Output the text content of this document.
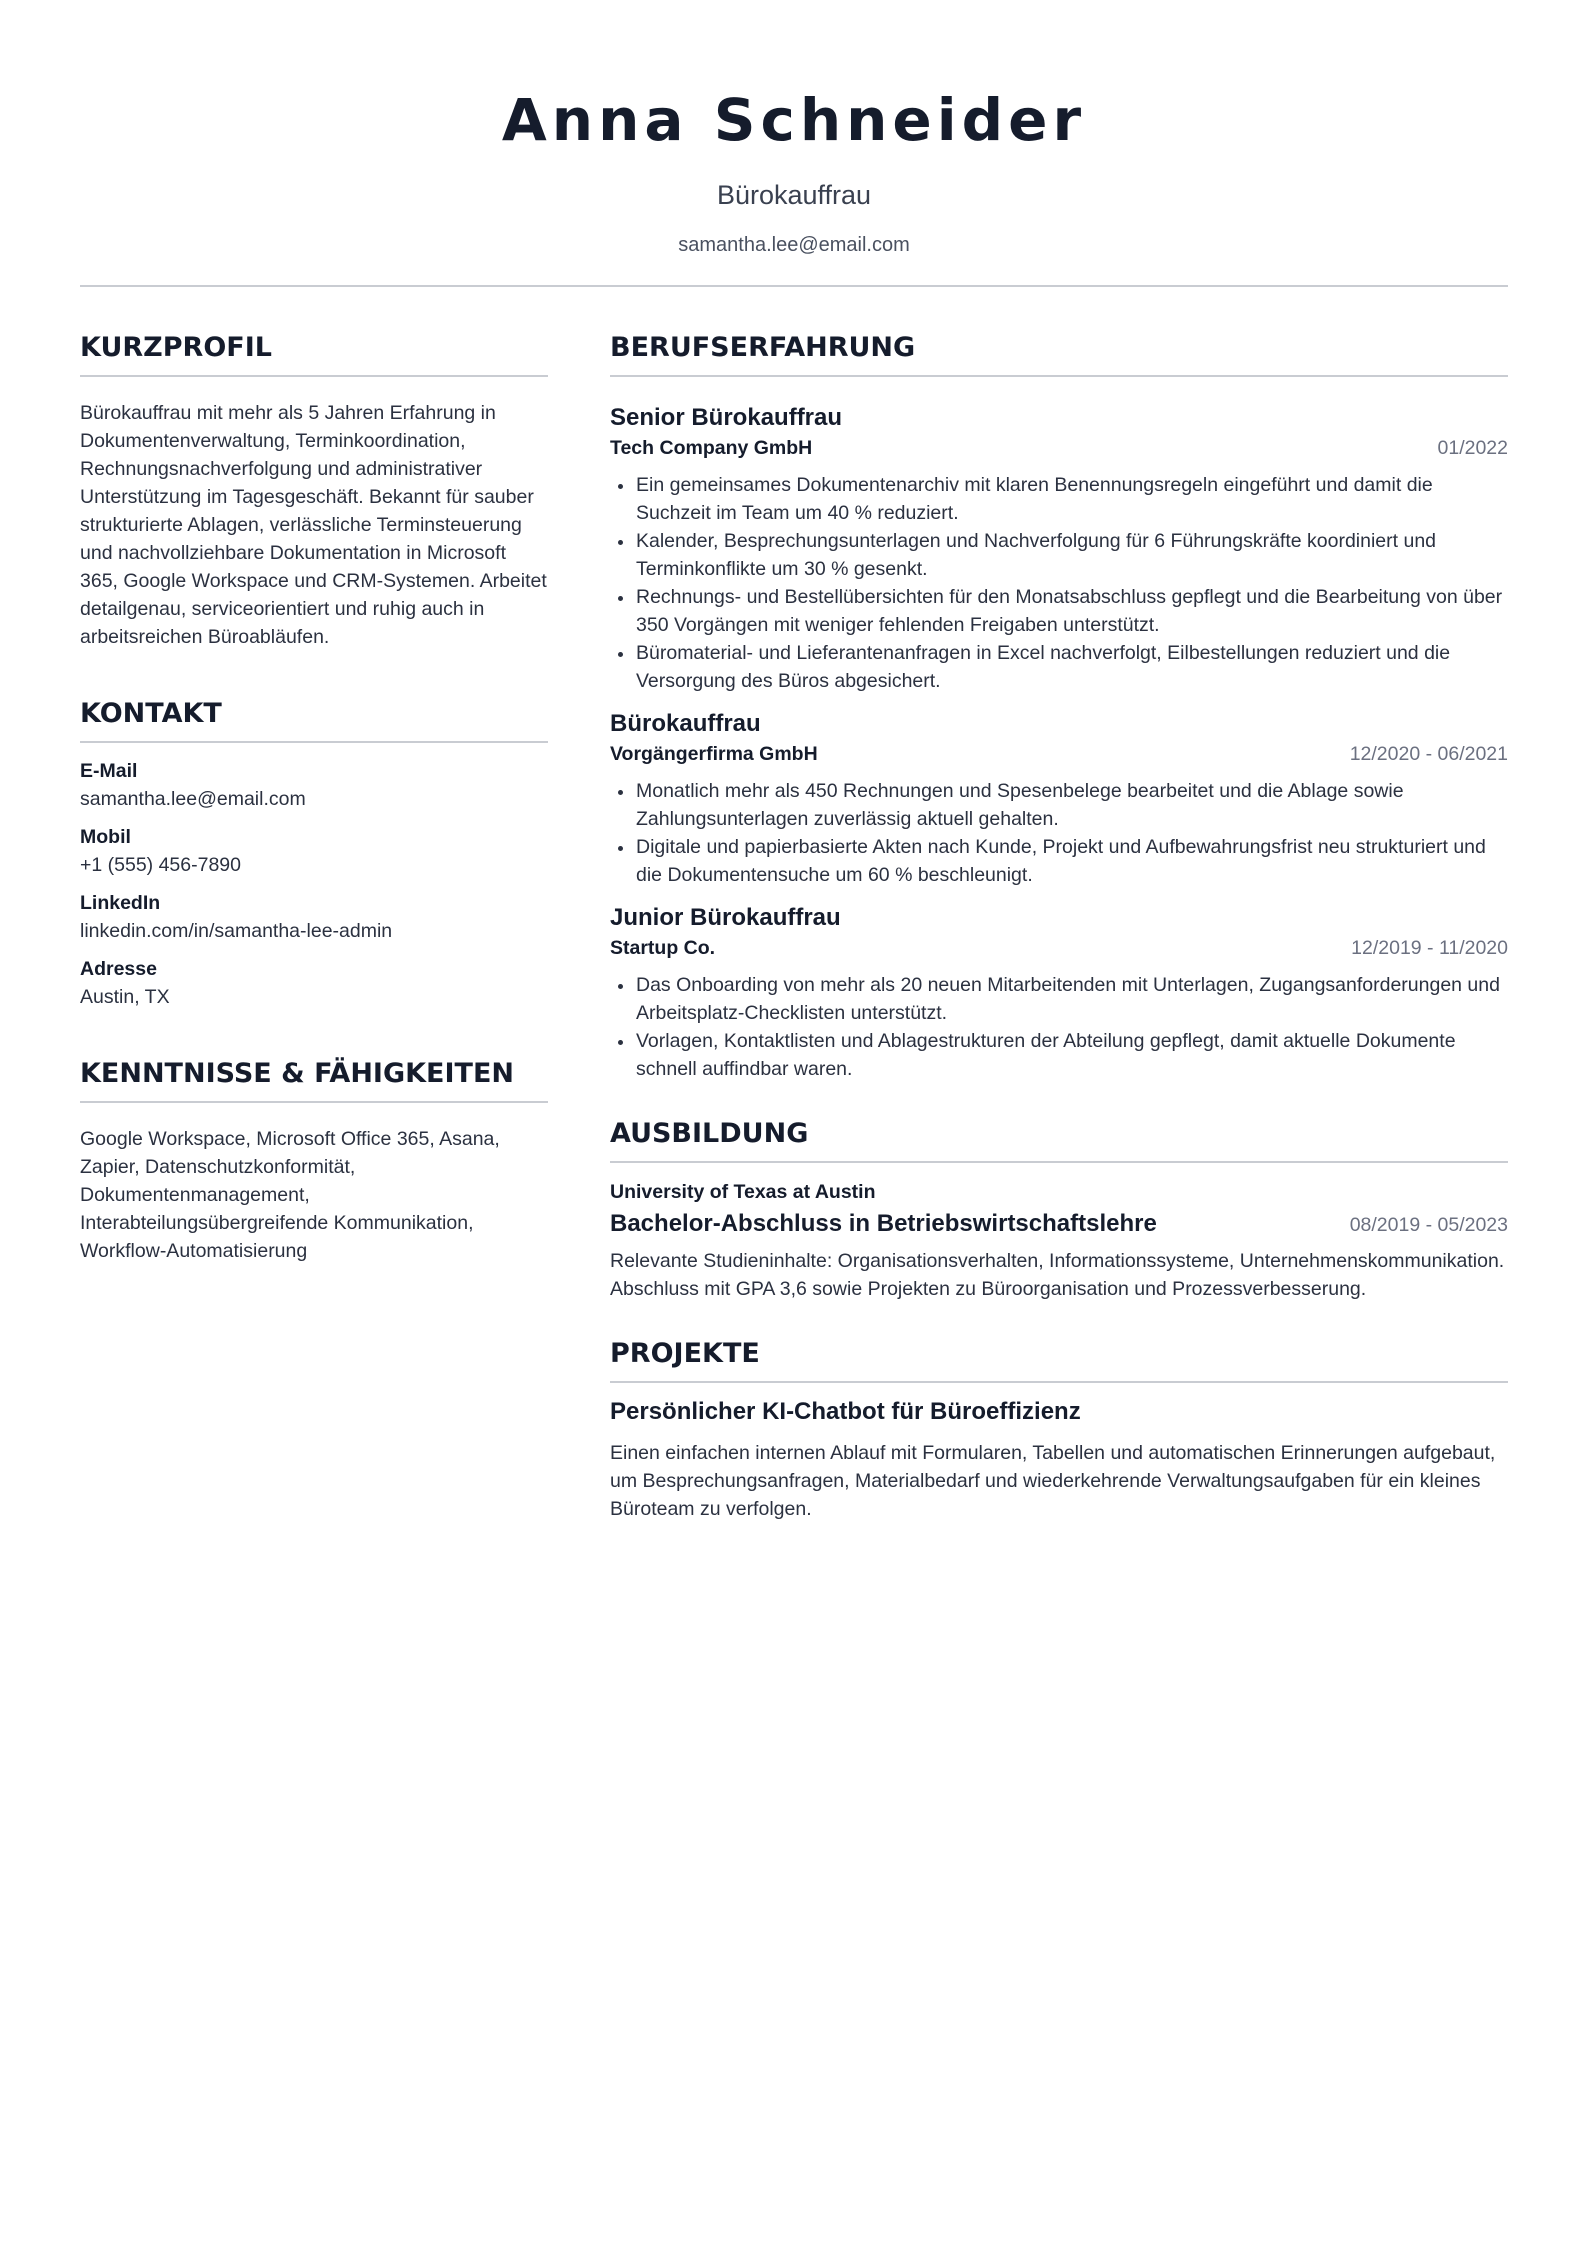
Anna Schneider
Bürokauffrau
samantha.lee@email.com
KURZPROFIL

Bürokauffrau mit mehr als 5 Jahren Erfahrung in Dokumentenverwaltung, Terminkoordination, Rechnungsnachverfolgung und administrativer Unterstützung im Tagesgeschäft. Bekannt für sauber strukturierte Ablagen, verlässliche Terminsteuerung und nachvollziehbare Dokumentation in Microsoft 365, Google Workspace und CRM-Systemen. Arbeitet detailgenau, serviceorientiert und ruhig auch in arbeitsreichen Büroabläufen.

KONTAKT
E-Mail
samantha.lee@email.com
Mobil
+1 (555) 456-7890
LinkedIn
linkedin.com/in/samantha-lee-admin
Adresse
Austin, TX
KENNTNISSE & FÄHIGKEITEN

Google Workspace, Microsoft Office 365, Asana, Zapier, Datenschutzkonformität, Dokumentenmanagement, Interabteilungsübergreifende Kommunikation, Workflow-Automatisierung

BERUFSERFAHRUNG
Senior Bürokauffrau
Tech Company GmbH	01/2022
Ein gemeinsames Dokumentenarchiv mit klaren Benennungsregeln eingeführt und damit die Suchzeit im Team um 40 % reduziert.
Kalender, Besprechungsunterlagen und Nachverfolgung für 6 Führungskräfte koordiniert und Terminkonflikte um 30 % gesenkt.
Rechnungs- und Bestellübersichten für den Monatsabschluss gepflegt und die Bearbeitung von über 350 Vorgängen mit weniger fehlenden Freigaben unterstützt.
Büromaterial- und Lieferantenanfragen in Excel nachverfolgt, Eilbestellungen reduziert und die Versorgung des Büros abgesichert.
Bürokauffrau
Vorgängerfirma GmbH	12/2020 - 06/2021
Monatlich mehr als 450 Rechnungen und Spesenbelege bearbeitet und die Ablage sowie Zahlungsunterlagen zuverlässig aktuell gehalten.
Digitale und papierbasierte Akten nach Kunde, Projekt und Aufbewahrungsfrist neu strukturiert und die Dokumentensuche um 60 % beschleunigt.
Junior Bürokauffrau
Startup Co.	12/2019 - 11/2020
Das Onboarding von mehr als 20 neuen Mitarbeitenden mit Unterlagen, Zugangsanforderungen und Arbeitsplatz-Checklisten unterstützt.
Vorlagen, Kontaktlisten und Ablagestrukturen der Abteilung gepflegt, damit aktuelle Dokumente schnell auffindbar waren.
AUSBILDUNG
University of Texas at Austin
Bachelor-Abschluss in Betriebswirtschaftslehre	08/2019 - 05/2023

Relevante Studieninhalte: Organisationsverhalten, Informationssysteme, Unternehmenskommunikation. Abschluss mit GPA 3,6 sowie Projekten zu Büroorganisation und Prozessverbesserung.

PROJEKTE
Persönlicher KI-Chatbot für Büroeffizienz

Einen einfachen internen Ablauf mit Formularen, Tabellen und automatischen Erinnerungen aufgebaut, um Besprechungsanfragen, Materialbedarf und wiederkehrende Verwaltungsaufgaben für ein kleines Büroteam zu verfolgen.
